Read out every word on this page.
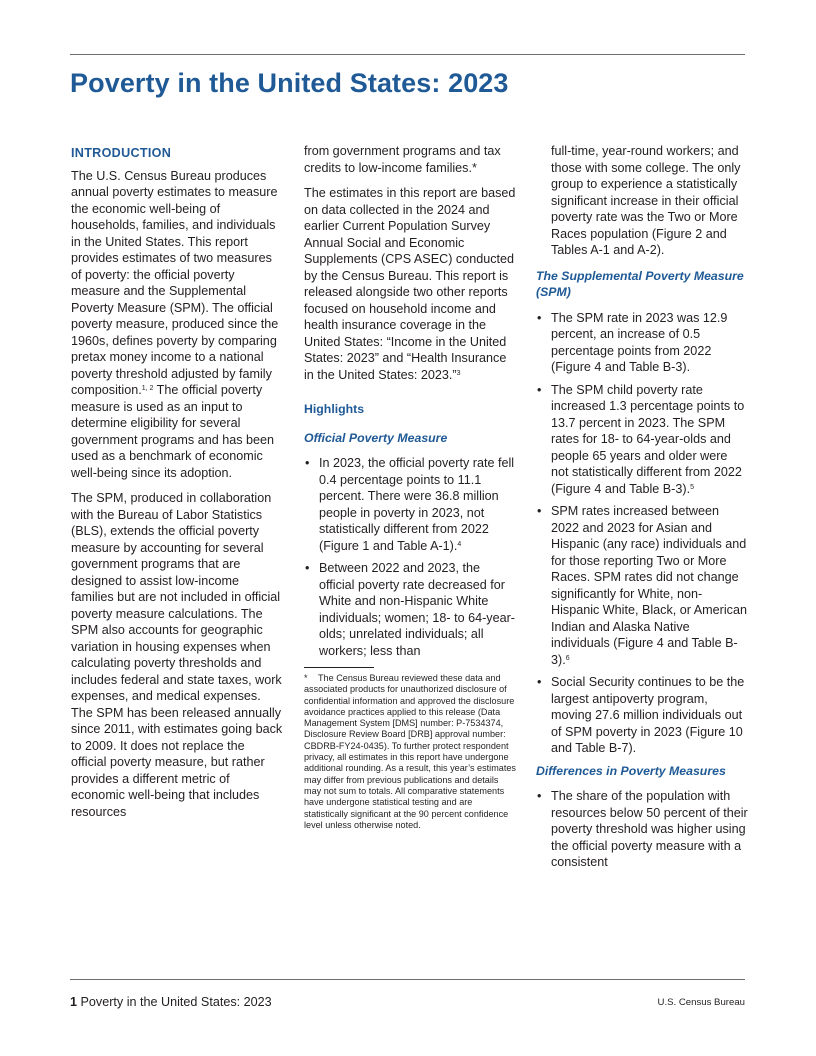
Poverty in the United States: 2023
INTRODUCTION

The U.S. Census Bureau produces annual poverty estimates to measure the economic well-being of households, families, and individuals in the United States. This report provides estimates of two measures of poverty: the official poverty measure and the Supplemental Poverty Measure (SPM). The official poverty measure, produced since the 1960s, defines poverty by comparing pretax money income to a national poverty threshold adjusted by family composition.$^{1, 2}$ The official poverty measure is used as an input to determine eligibility for several government programs and has been used as a benchmark of economic well-being since its adoption.

The SPM, produced in collaboration with the Bureau of Labor Statistics (BLS), extends the official poverty measure by accounting for several government programs that are designed to assist low-income families but are not included in official poverty measure calculations. The SPM also accounts for geographic variation in housing expenses when calculating poverty thresholds and includes federal and state taxes, work expenses, and medical expenses. The SPM has been released annually since 2011, with estimates going back to 2009. It does not replace the official poverty measure, but rather provides a different metric of economic well-being that includes resources

from government programs and tax credits to low-income families.*

The estimates in this report are based on data collected in the 2024 and earlier Current Population Survey Annual Social and Economic Supplements (CPS ASEC) conducted by the Census Bureau. This report is released alongside two other reports focused on household income and health insurance coverage in the United States: “Income in the United States: 2023” and “Health Insurance in the United States: 2023.”$^3$

Highlights
Official Poverty Measure
• In 2023, the official poverty rate fell 0.4 percentage points to 11.1 percent. There were 36.8 million people in poverty in 2023, not statistically different from 2022 (Figure 1 and Table A-1).$^4$
• Between 2022 and 2023, the official poverty rate decreased for White and non-Hispanic White individuals; women; 18- to 64-year-olds; unrelated individuals; all workers; less than

* The Census Bureau reviewed these data and associated products for unauthorized disclosure of confidential information and approved the disclosure avoidance practices applied to this release (Data Management System [DMS] number: P-7534374, Disclosure Review Board [DRB] approval number: CBDRB-FY24-0435). To further protect respondent privacy, all estimates in this report have undergone additional rounding. As a result, this year’s estimates may differ from previous publications and details may not sum to totals. All comparative statements have undergone statistical testing and are statistically significant at the 90 percent confidence level unless otherwise noted.

full-time, year-round workers; and those with some college. The only group to experience a statistically significant increase in their official poverty rate was the Two or More Races population (Figure 2 and Tables A-1 and A-2).

The Supplemental Poverty Measure (SPM)
• The SPM rate in 2023 was 12.9 percent, an increase of 0.5 percentage points from 2022 (Figure 4 and Table B-3).
• The SPM child poverty rate increased 1.3 percentage points to 13.7 percent in 2023. The SPM rates for 18- to 64-year-olds and people 65 years and older were not statistically different from 2022 (Figure 4 and Table B-3).$^5$
• SPM rates increased between 2022 and 2023 for Asian and Hispanic (any race) individuals and for those reporting Two or More Races. SPM rates did not change significantly for White, non-Hispanic White, Black, or American Indian and Alaska Native individuals (Figure 4 and Table B-3).$^6$
• Social Security continues to be the largest antipoverty program, moving 27.6 million individuals out of SPM poverty in 2023 (Figure 10 and Table B-7).
Differences in Poverty Measures
• The share of the population with resources below 50 percent of their poverty threshold was higher using the official poverty measure with a consistent
1 Poverty in the United States: 2023	U.S. Census Bureau
